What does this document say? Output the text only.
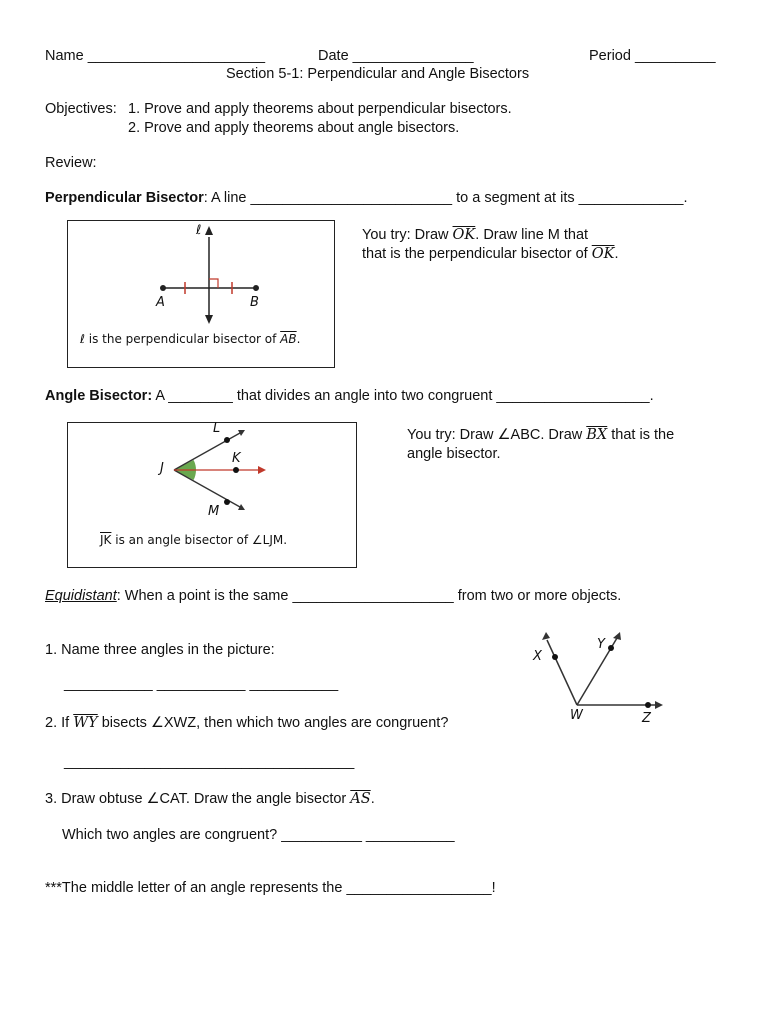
Name ______________________	Date _______________	Period __________
Section 5-1: Perpendicular and Angle Bisectors
Objectives: 1. Prove and apply theorems about perpendicular bisectors.
2. Prove and apply theorems about angle bisectors.
Review:
Perpendicular Bisector: A line _________________________ to a segment at its _____________.
ℓ
A	B
ℓ is the perpendicular bisector of $\overline{AB}$.
You try: Draw $\overline{OK}$. Draw line M that
that is the perpendicular bisector of $\overline{OK}$.
Angle Bisector: A ________ that divides an angle into two congruent ___________________.
L
J
K
M
$\overline{JK}$ is an angle bisector of ∠LJM.
You try: Draw ∠ABC. Draw $\overline{BX}$ that is the
angle bisector.
Equidistant: When a point is the same ____________________ from two or more objects.
1. Name three angles in the picture:
___________ ___________ ___________
X
Y
W	Z
2. If $\overline{WY}$ bisects ∠XWZ, then which two angles are congruent?
____________________________________
3. Draw obtuse ∠CAT. Draw the angle bisector $\overline{AS}$.
Which two angles are congruent? __________ ___________
***The middle letter of an angle represents the __________________!
